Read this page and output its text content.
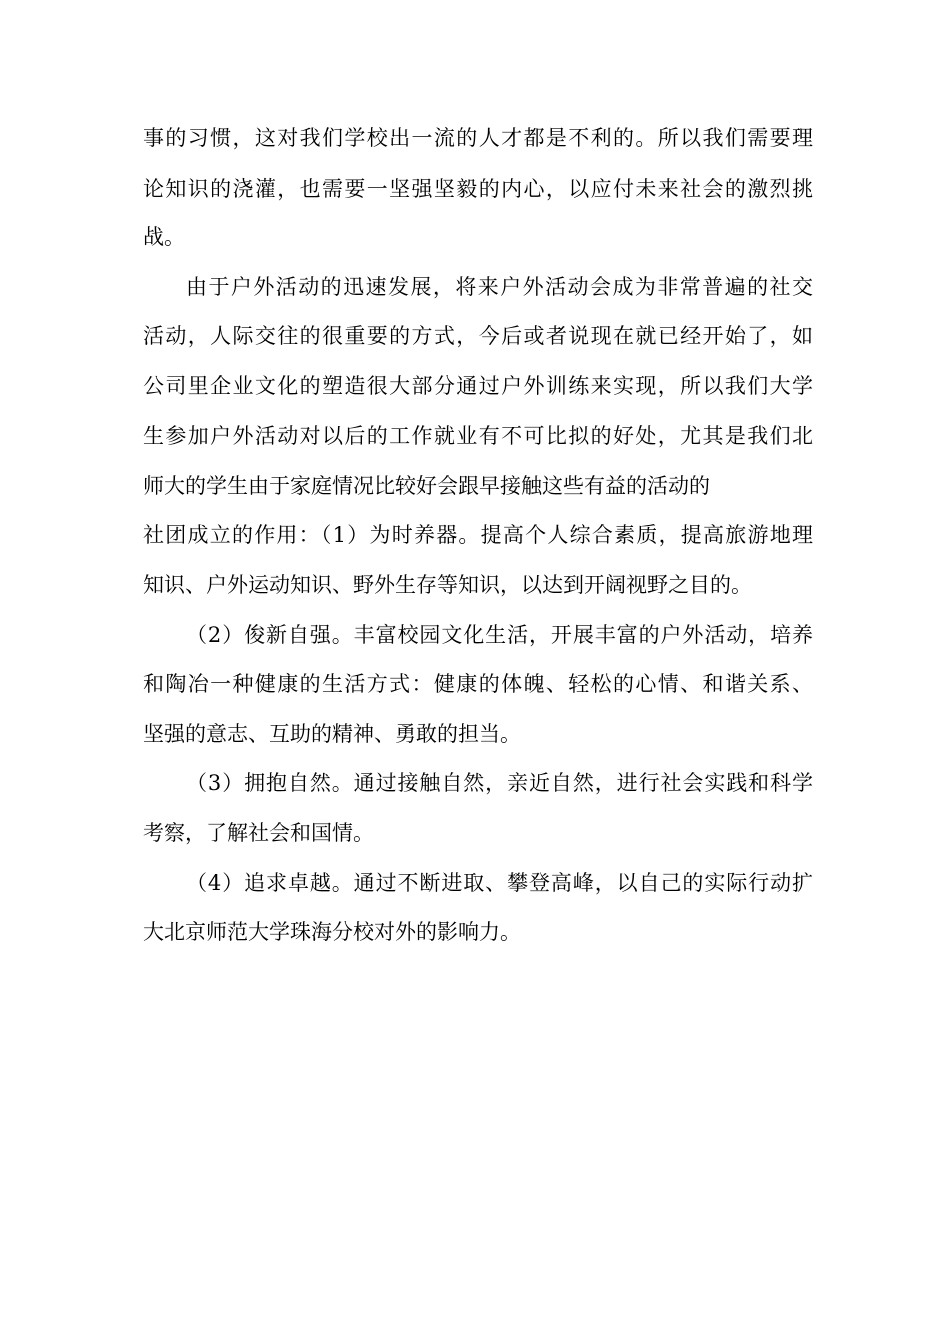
事的习惯，这对我们学校出一流的人才都是不利的。所以我们需要理
论知识的浇灌，也需要一坚强坚毅的内心，以应付未来社会的激烈挑
战。
由于户外活动的迅速发展，将来户外活动会成为非常普遍的社交
活动，人际交往的很重要的方式，今后或者说现在就已经开始了，如
公司里企业文化的塑造很大部分通过户外训练来实现，所以我们大学
生参加户外活动对以后的工作就业有不可比拟的好处，尤其是我们北
师大的学生由于家庭情况比较好会跟早接触这些有益的活动的
社团成立的作用：（1）为时养器。提高个人综合素质，提高旅游地理
知识、户外运动知识、野外生存等知识，以达到开阔视野之目的。
（2）俊新自强。丰富校园文化生活，开展丰富的户外活动，培养
和陶冶一种健康的生活方式：健康的体魄、轻松的心情、和谐关系、
坚强的意志、互助的精神、勇敢的担当。
（3）拥抱自然。通过接触自然，亲近自然，进行社会实践和科学
考察，了解社会和国情。
（4）追求卓越。通过不断进取、攀登高峰，以自己的实际行动扩
大北京师范大学珠海分校对外的影响力。
